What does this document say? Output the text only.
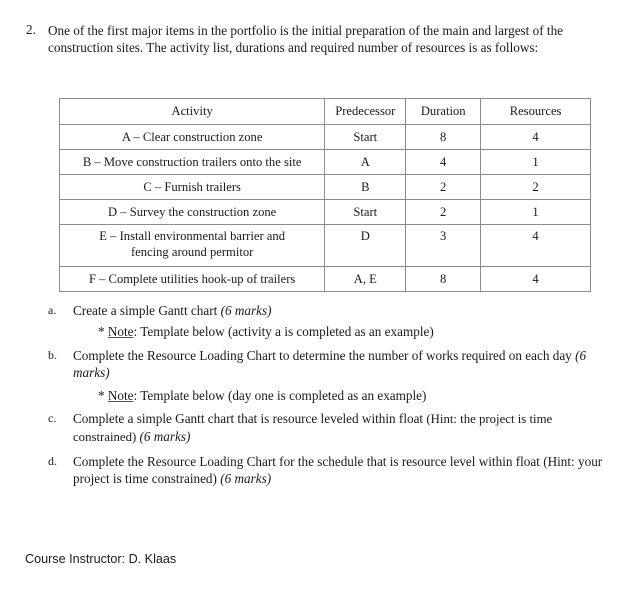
2. One of the first major items in the portfolio is the initial preparation of the main and largest of the construction sites. The activity list, durations and required number of resources is as follows:
Activity	Predecessor	Duration	Resources
A – Clear construction zone	Start	8	4
B – Move construction trailers onto the site	A	4	1
C – Furnish trailers	B	2	2
D – Survey the construction zone	Start	2	1

E – Install environmental barrier and
fencing around permitor	D	3	4
F – Complete utilities hook-up of trailers	A, E	8	4
a. Create a simple Gantt chart (6 marks)
* Note: Template below (activity a is completed as an example)
b. Complete the Resource Loading Chart to determine the number of works required on each day (6 marks)
* Note: Template below (day one is completed as an example)
c. Complete a simple Gantt chart that is resource leveled within float (Hint: the project is time constrained) (6 marks)
d. Complete the Resource Loading Chart for the schedule that is resource level within float (Hint: your project is time constrained) (6 marks)
Course Instructor: D. Klaas
